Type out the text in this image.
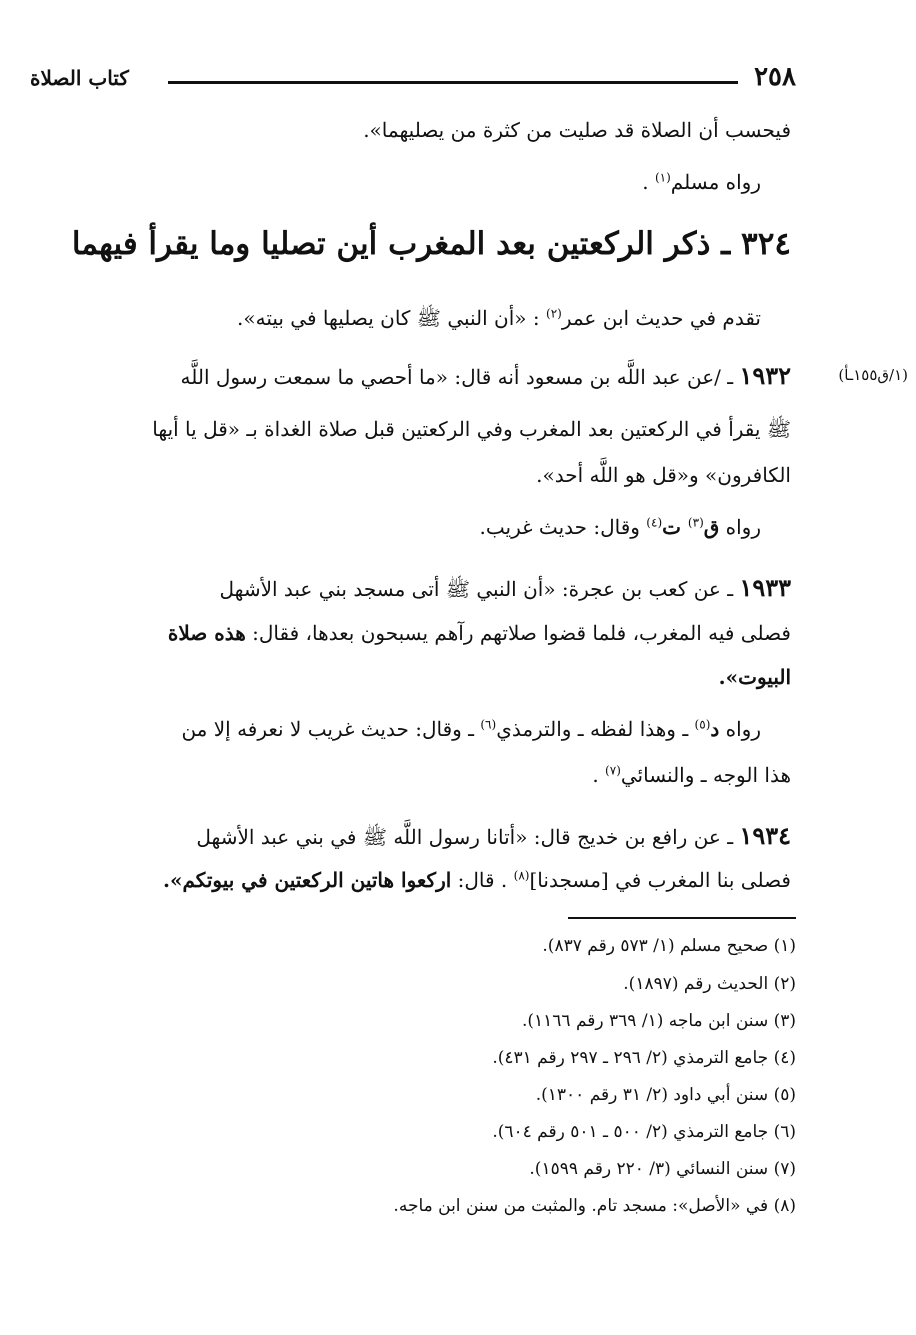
٢٥٨
كتاب الصلاة
فيحسب أن الصلاة قد صليت من كثرة من يصليهما».
رواه مسلم$^{(١)}$ .
٣٢٤ ـ ذكر الركعتين بعد المغرب أين تصليا وما يقرأ فيهما
تقدم في حديث ابن عمر$^{(٢)}$ : «أن النبي ﷺ كان يصليها في بيته».
(١/ق١٥٥ـأ)
١٩٣٢ ـ /عن عبد اللَّه بن مسعود أنه قال: «ما أحصي ما سمعت رسول اللَّه
ﷺ يقرأ في الركعتين بعد المغرب وفي الركعتين قبل صلاة الغداة بـ «قل يا أيها
الكافرون» و«قل هو اللَّه أحد».
رواه ق$^{(٣)}$ ت$^{(٤)}$ وقال: حديث غريب.
١٩٣٣ ـ عن كعب بن عجرة: «أن النبي ﷺ أتى مسجد بني عبد الأشهل
فصلى فيه المغرب، فلما قضوا صلاتهم رآهم يسبحون بعدها، فقال: هذه صلاة
البيوت».
رواه د$^{(٥)}$ ـ وهذا لفظه ـ والترمذي$^{(٦)}$ ـ وقال: حديث غريب لا نعرفه إلا من
هذا الوجه ـ والنسائي$^{(٧)}$ .
١٩٣٤ ـ عن رافع بن خديج قال: «أتانا رسول اللَّه ﷺ في بني عبد الأشهل
فصلى بنا المغرب في [مسجدنا]$^{(٨)}$ . قال: اركعوا هاتين الركعتين في بيوتكم».
(١) صحيح مسلم (١/ ٥٧٣ رقم ٨٣٧).
(٢) الحديث رقم (١٨٩٧).
(٣) سنن ابن ماجه (١/ ٣٦٩ رقم ١١٦٦).
(٤) جامع الترمذي (٢/ ٢٩٦ ـ ٢٩٧ رقم ٤٣١).
(٥) سنن أبي داود (٢/ ٣١ رقم ١٣٠٠).
(٦) جامع الترمذي (٢/ ٥٠٠ ـ ٥٠١ رقم ٦٠٤).
(٧) سنن النسائي (٣/ ٢٢٠ رقم ١٥٩٩).
(٨) في «الأصل»: مسجد تام. والمثبت من سنن ابن ماجه.
